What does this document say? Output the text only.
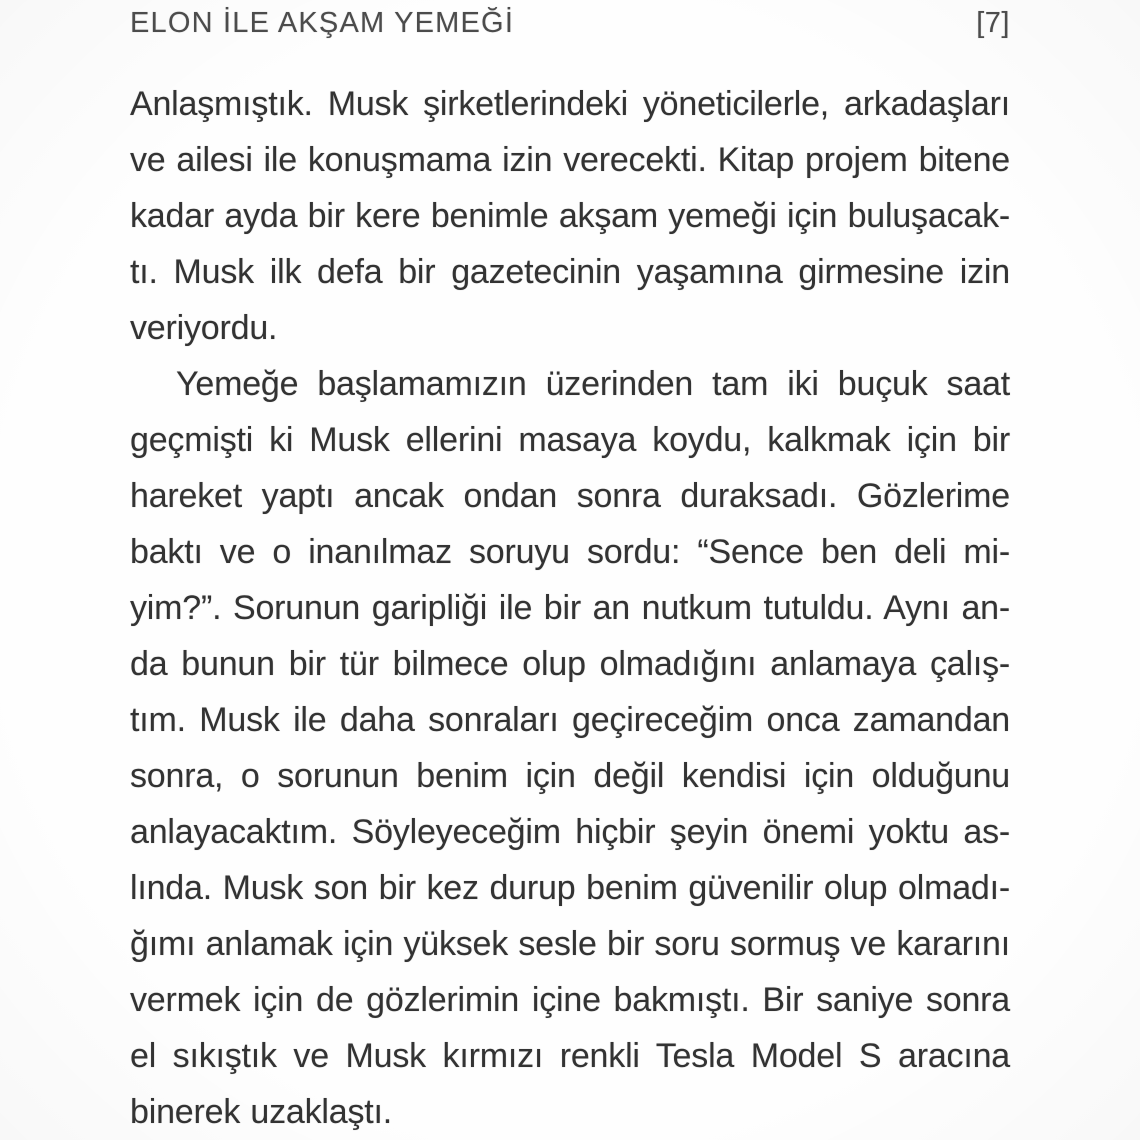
ELON İLE AKŞAM YEMEĞİ	[7]
Anlaşmıştık. Musk şirketlerindeki yöneticilerle, arkadaşları
ve ailesi ile konuşmama izin verecekti. Kitap projem bitene
kadar ayda bir kere benimle akşam yemeği için buluşacak-
tı. Musk ilk defa bir gazetecinin yaşamına girmesine izin
veriyordu.
Yemeğe başlamamızın üzerinden tam iki buçuk saat
geçmişti ki Musk ellerini masaya koydu, kalkmak için bir
hareket yaptı ancak ondan sonra duraksadı. Gözlerime
baktı ve o inanılmaz soruyu sordu: “Sence ben deli mi-
yim?”. Sorunun garipliği ile bir an nutkum tutuldu. Aynı an-
da bunun bir tür bilmece olup olmadığını anlamaya çalış-
tım. Musk ile daha sonraları geçireceğim onca zamandan
sonra, o sorunun benim için değil kendisi için olduğunu
anlayacaktım. Söyleyeceğim hiçbir şeyin önemi yoktu as-
lında. Musk son bir kez durup benim güvenilir olup olmadı-
ğımı anlamak için yüksek sesle bir soru sormuş ve kararını
vermek için de gözlerimin içine bakmıştı. Bir saniye sonra
el sıkıştık ve Musk kırmızı renkli Tesla Model S aracına
binerek uzaklaştı.
